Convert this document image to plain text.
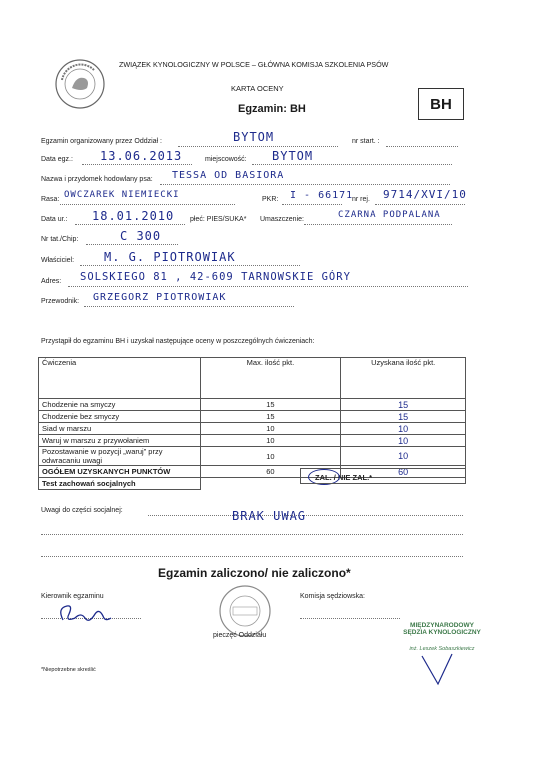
ZWIĄZEK KYNOLOGICZNY W POLSCE – GŁÓWNA KOMISJA SZKOLENIA PSÓW
KARTA OCENY
Egzamin: BH	BH
Egzamin organizowany przez Oddział :	BYTOM	nr start. :
Data egz.: 13.06.2013	miejscowość: BYTOM
Nazwa i przydomek hodowlany psa: TESSA OD BASIORA
Rasa: OWCZAREK NIEMIECKI	PKR: I - 66171
nr rej. 9714/XVI/10
Data ur.: 18.01.2010 płeć: PIES/SUKA* Umaszczenie:	CZARNA PODPALANA
Nr tat./Chip:	C 300
Właściciel: M. G. PIOTROWIAK
Adres: SOLSKIEGO 81 , 42-609 TARNOWSKIE GÓRY
Przewodnik: GRZEGORZ PIOTROWIAK
Przystąpił do egzaminu BH i uzyskał następujące oceny w poszczególnych ćwiczeniach:
Ćwiczenia	Max. ilość pkt.	Uzyskana ilość pkt.
Chodzenie na smyczy	15	15
Chodzenie bez smyczy	15	15
Siad w marszu	10	10
Waruj w marszu z przywołaniem	10	10
Pozostawanie w pozycji „waruj” przy odwracaniu uwagi	10	10
OGÓŁEM UZYSKANYCH PUNKTÓW	60	60
Test zachowań socjalnych		
ZAL. / NIE ZAL.*
Uwagi do części socjalnej:	BRAK UWAG
Egzamin zaliczono/ nie zaliczono*
Kierownik egzaminu
pieczęć Oddziału
Komisja sędziowska:
MIĘDZYNARODOWY
SĘDZIA KYNOLOGICZNY
inż. Leszek Sobaszkiewicz
*Niepotrzebne skreślić
